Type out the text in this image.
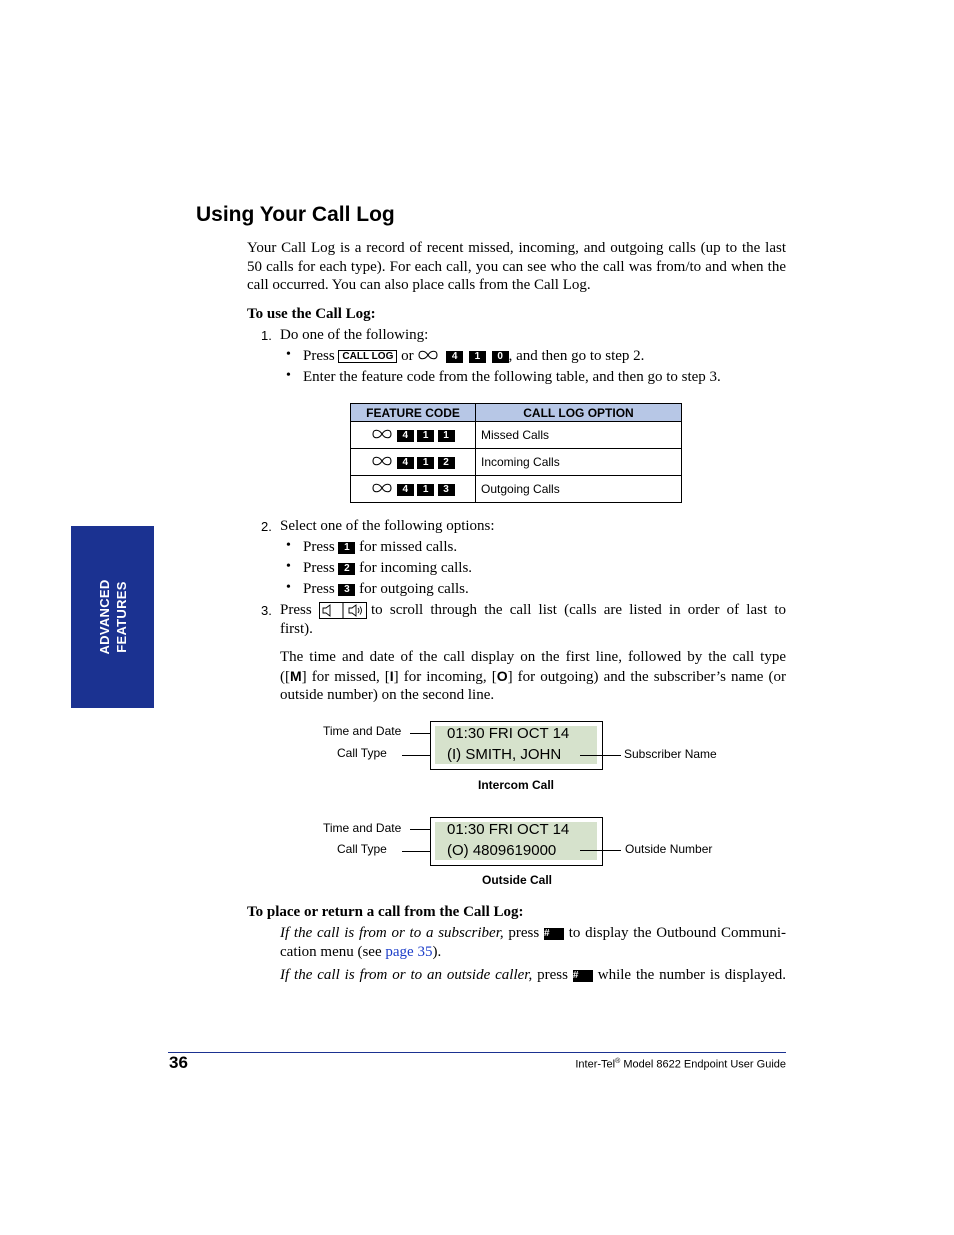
ADVANCED FEATURES
Using Your Call Log
Your Call Log is a record of recent missed, incoming, and outgoing calls (up to the last 50 calls for each type). For each call, you can see who the call was from/to and when the call occurred. You can also place calls from the Call Log.
To use the Call Log:
1. Do one of the following:
• Press CALL LOG or	4 1 0 , and then go to step 2.
• Enter the feature code from the following table, and then go to step 3.
FEATURE CODE	CALL LOG OPTION
4 1 1	Missed Calls
4 1 2	Incoming Calls
4 1 3	Outgoing Calls
2. Select one of the following options:
• Press 1 for missed calls.
• Press 2 for incoming calls.
• Press 3 for outgoing calls.
3. Press	to scroll through the call list (calls are listed in order of last to
first).
The time and date of the call display on the first line, followed by the call type
([M] for missed, [I] for incoming, [O] for outgoing) and the subscriber’s name (or
outside number) on the second line.
Time and Date
Call Type
01:30 FRI OCT 14
(I) SMITH, JOHN	Subscriber Name
Intercom Call
Time and Date
Call Type
01:30 FRI OCT 14
(O) 4809619000	Outside Number
Outside Call
To place or return a call from the Call Log:
If the call is from or to a subscriber, press # to display the Outbound Communi-
cation menu (see page 35).
If the call is from or to an outside caller, press # while the number is displayed.
36	Inter-Tel® Model 8622 Endpoint User Guide
